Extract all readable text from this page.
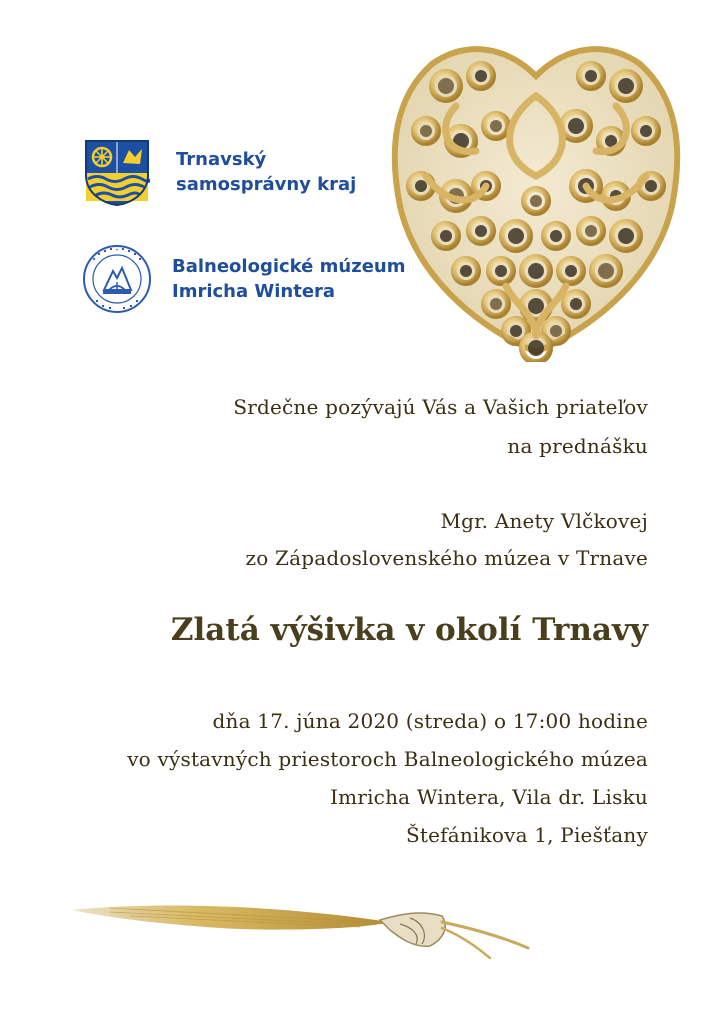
Trnavský
samosprávny kraj
Balneologické múzeum
Imricha Wintera
Srdečne pozývajú Vás a Vašich priateľov
na prednášku
Mgr. Anety Vlčkovej
zo Západoslovenského múzea v Trnave
Zlatá výšivka v okolí Trnavy
dňa 17. júna 2020 (streda) o 17:00 hodine
vo výstavných priestoroch Balneologického múzea
Imricha Wintera, Vila dr. Lisku
Štefánikova 1, Piešťany
